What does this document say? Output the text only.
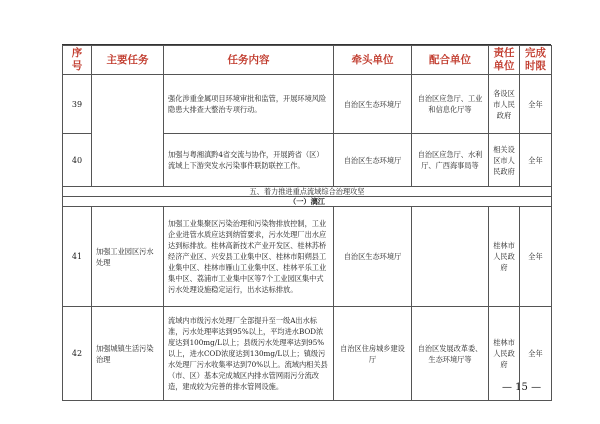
序号	主要任务	任务内容	牵头单位	配合单位	责任单位	完成时限
39		强化涉重金属项目环境审批和监管，开展环境风险隐患大排查大整治专项行动。	自治区生态环境厅	自治区应急厅、工业和信息化厅等	各设区市人民政府	全年
40		加强与粤湘滇黔4省交流与协作，开展跨省（区）流域上下游突发水污染事件联防联控工作。	自治区生态环境厅	自治区应急厅、水利厅、广西海事局等	相关设区市人民政府	全年
五、着力推进重点流域综合治理攻坚						
（一）漓江						
41	加强工业园区污水处理	加强工业集聚区污染治理和污染物排放控制，工业企业进管水质应达到纳管要求，污水处理厂出水应达到标排放。桂林高新技术产业开发区、桂林苏桥经济产业区、兴安县工业集中区、桂林市阳朔县工业集中区、桂林市雁山工业集中区、桂林平乐工业集中区、荔浦市工业集中区等7个工业园区集中式污水处理设施稳定运行，出水达标排放。	自治区生态环境厅		桂林市人民政府	全年
42	加强城镇生活污染治理	流域内市级污水处理厂全部提升至一级A出水标准，污水处理率达到95%以上，平均进水BOD浓度达到100mg/L以上；县级污水处理率达到95%以上，进水COD浓度达到130mg/L以上；镇级污水处理厂污水收集率达到70%以上。流域内相关县（市、区）基本完成城区内排水管网雨污分流改造，建成较为完善的排水管网设施。	自治区住房城乡建设厅	自治区发展改革委、生态环境厅等	桂林市人民政府	全年
— 15 —
